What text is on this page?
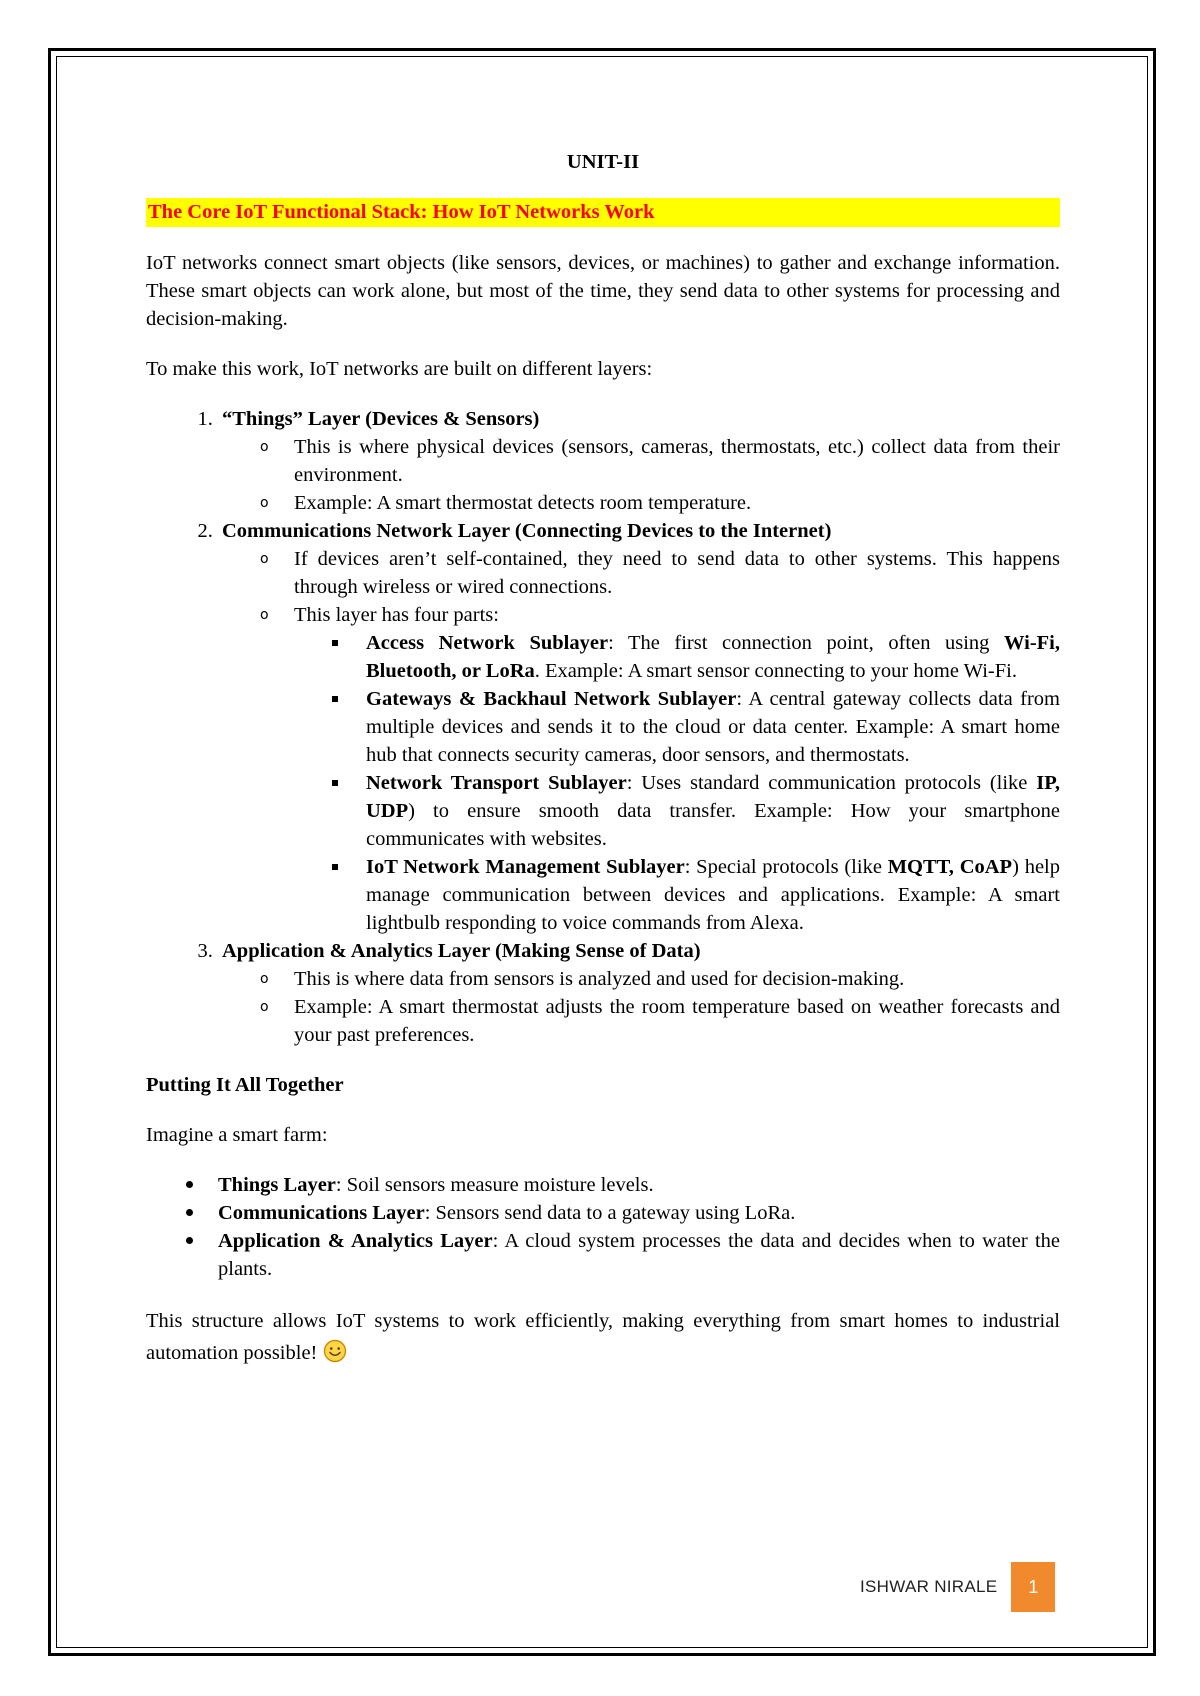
UNIT-II
The Core IoT Functional Stack: How IoT Networks Work

IoT networks connect smart objects (like sensors, devices, or machines) to gather and exchange information. These smart objects can work alone, but most of the time, they send data to other systems for processing and decision-making.

To make this work, IoT networks are built on different layers:

1. “Things” Layer (Devices & Sensors)
o This is where physical devices (sensors, cameras, thermostats, etc.) collect data from their environment.
o Example: A smart thermostat detects room temperature.
2. Communications Network Layer (Connecting Devices to the Internet)
o If devices aren’t self-contained, they need to send data to other systems. This happens through wireless or wired connections.
o This layer has four parts:
Access Network Sublayer: The first connection point, often using Wi-Fi, Bluetooth, or LoRa. Example: A smart sensor connecting to your home Wi-Fi.
Gateways & Backhaul Network Sublayer: A central gateway collects data from multiple devices and sends it to the cloud or data center. Example: A smart home hub that connects security cameras, door sensors, and thermostats.
Network Transport Sublayer: Uses standard communication protocols (like IP, UDP) to ensure smooth data transfer. Example: How your smartphone communicates with websites.
IoT Network Management Sublayer: Special protocols (like MQTT, CoAP) help manage communication between devices and applications. Example: A smart lightbulb responding to voice commands from Alexa.
3. Application & Analytics Layer (Making Sense of Data)
o This is where data from sensors is analyzed and used for decision-making.
o Example: A smart thermostat adjusts the room temperature based on weather forecasts and your past preferences.
Putting It All Together

Imagine a smart farm:

Things Layer: Soil sensors measure moisture levels.
Communications Layer: Sensors send data to a gateway using LoRa.
Application & Analytics Layer: A cloud system processes the data and decides when to water the plants.

This structure allows IoT systems to work efficiently, making everything from smart homes to industrial automation possible!

ISHWAR NIRALE	1
